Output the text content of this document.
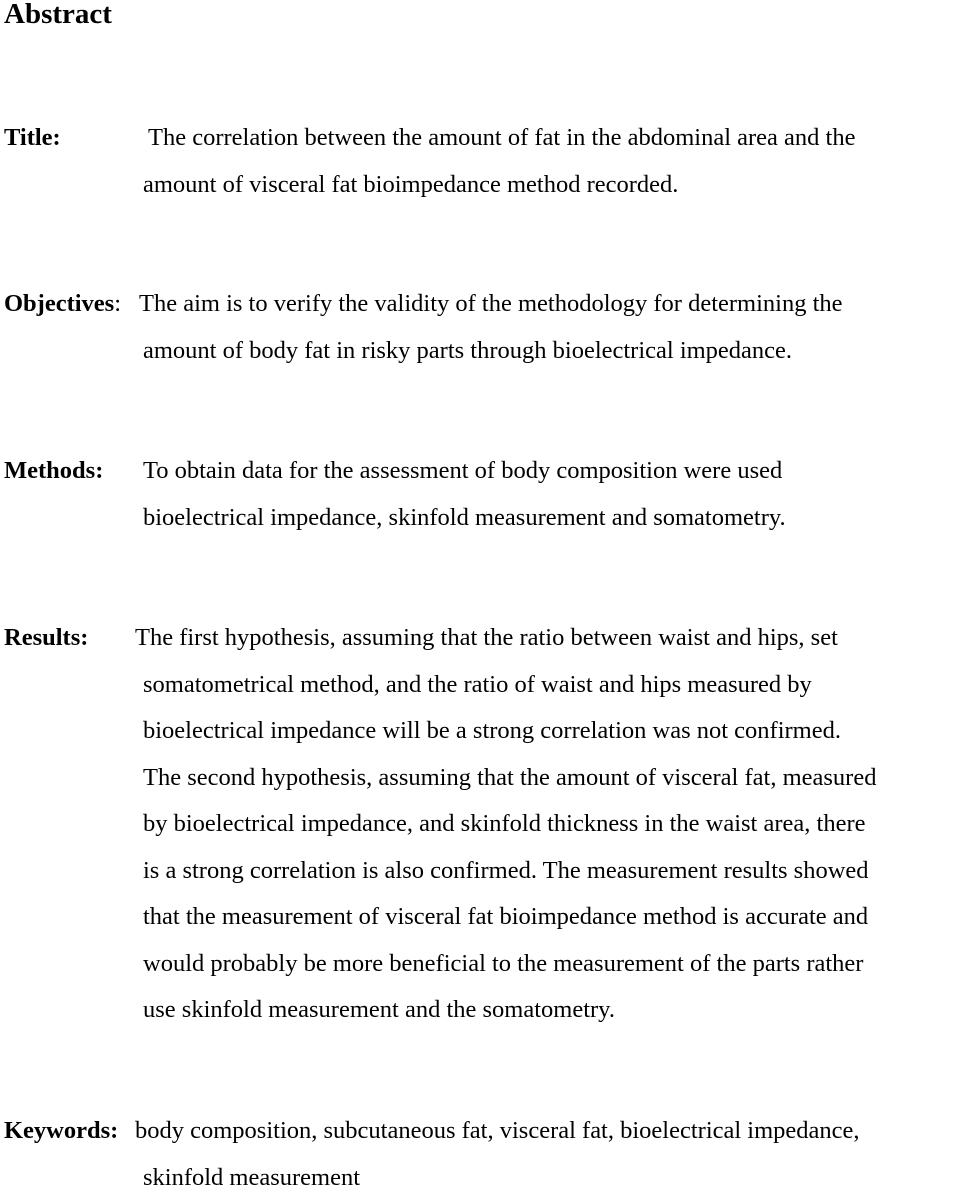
Abstract
Title:	The correlation between the amount of fat in the abdominal area and the
amount of visceral fat bioimpedance method recorded.
Objectives: The aim is to verify the validity of the methodology for determining the
amount of body fat in risky parts through bioelectrical impedance.
Methods: To obtain data for the assessment of body composition were used
bioelectrical impedance, skinfold measurement and somatometry.
Results: The first hypothesis, assuming that the ratio between waist and hips, set
somatometrical method, and the ratio of waist and hips measured by
bioelectrical impedance will be a strong correlation was not confirmed.
The second hypothesis, assuming that the amount of visceral fat, measured
by bioelectrical impedance, and skinfold thickness in the waist area, there
is a strong correlation is also confirmed. The measurement results showed
that the measurement of visceral fat bioimpedance method is accurate and
would probably be more beneficial to the measurement of the parts rather
use skinfold measurement and the somatometry.
Keywords: body composition, subcutaneous fat, visceral fat, bioelectrical impedance,
skinfold measurement
